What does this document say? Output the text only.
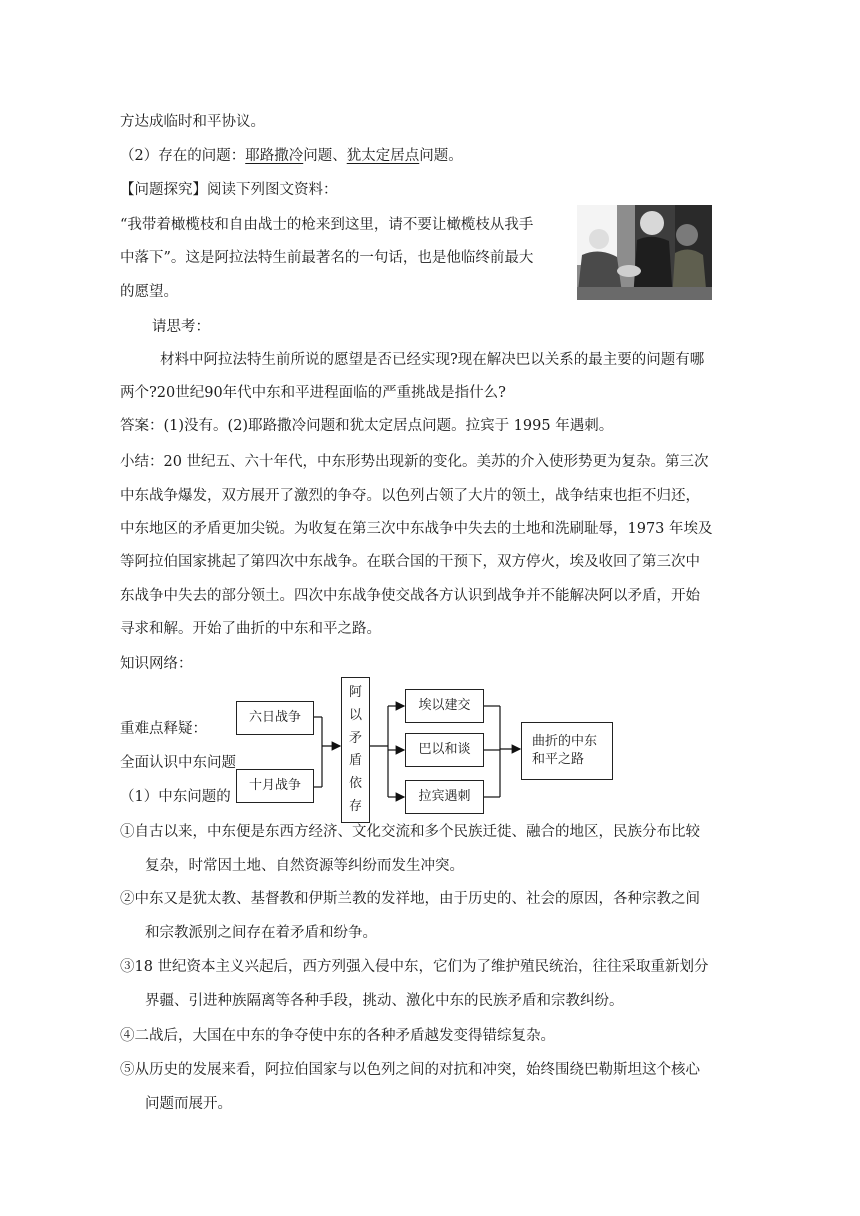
方达成临时和平协议。
（2）存在的问题：耶路撒冷问题、犹太定居点问题。
【问题探究】阅读下列图文资料：
“我带着橄榄枝和自由战士的枪来到这里，请不要让橄榄枝从我手
中落下”。这是阿拉法特生前最著名的一句话，也是他临终前最大
的愿望。
请思考：
材料中阿拉法特生前所说的愿望是否已经实现?现在解决巴以关系的最主要的问题有哪
两个?20世纪90年代中东和平进程面临的严重挑战是指什么?
答案：(1)没有。(2)耶路撒冷问题和犹太定居点问题。拉宾于 1995 年遇刺。
小结：20 世纪五、六十年代，中东形势出现新的变化。美苏的介入使形势更为复杂。第三次
中东战争爆发，双方展开了激烈的争夺。以色列占领了大片的领土，战争结束也拒不归还，
中东地区的矛盾更加尖锐。为收复在第三次中东战争中失去的土地和洗刷耻辱，1973 年埃及
等阿拉伯国家挑起了第四次中东战争。在联合国的干预下，双方停火，埃及收回了第三次中
东战争中失去的部分领土。四次中东战争使交战各方认识到战争并不能解决阿以矛盾，开始
寻求和解。开始了曲折的中东和平之路。
知识网络：
重难点释疑：
全面认识中东问题
（1）中东问题的
六日战争
十月战争
阿
以
矛
盾
依
存
埃以建交
巴以和谈
拉宾遇刺
曲折的中东
和平之路
①自古以来，中东便是东西方经济、文化交流和多个民族迁徙、融合的地区，民族分布比较
复杂，时常因土地、自然资源等纠纷而发生冲突。
②中东又是犹太教、基督教和伊斯兰教的发祥地，由于历史的、社会的原因，各种宗教之间
和宗教派别之间存在着矛盾和纷争。
③18 世纪资本主义兴起后，西方列强入侵中东，它们为了维护殖民统治，往往采取重新划分
界疆、引进种族隔离等各种手段，挑动、激化中东的民族矛盾和宗教纠纷。
④二战后，大国在中东的争夺使中东的各种矛盾越发变得错综复杂。
⑤从历史的发展来看，阿拉伯国家与以色列之间的对抗和冲突，始终围绕巴勒斯坦这个核心
问题而展开。
